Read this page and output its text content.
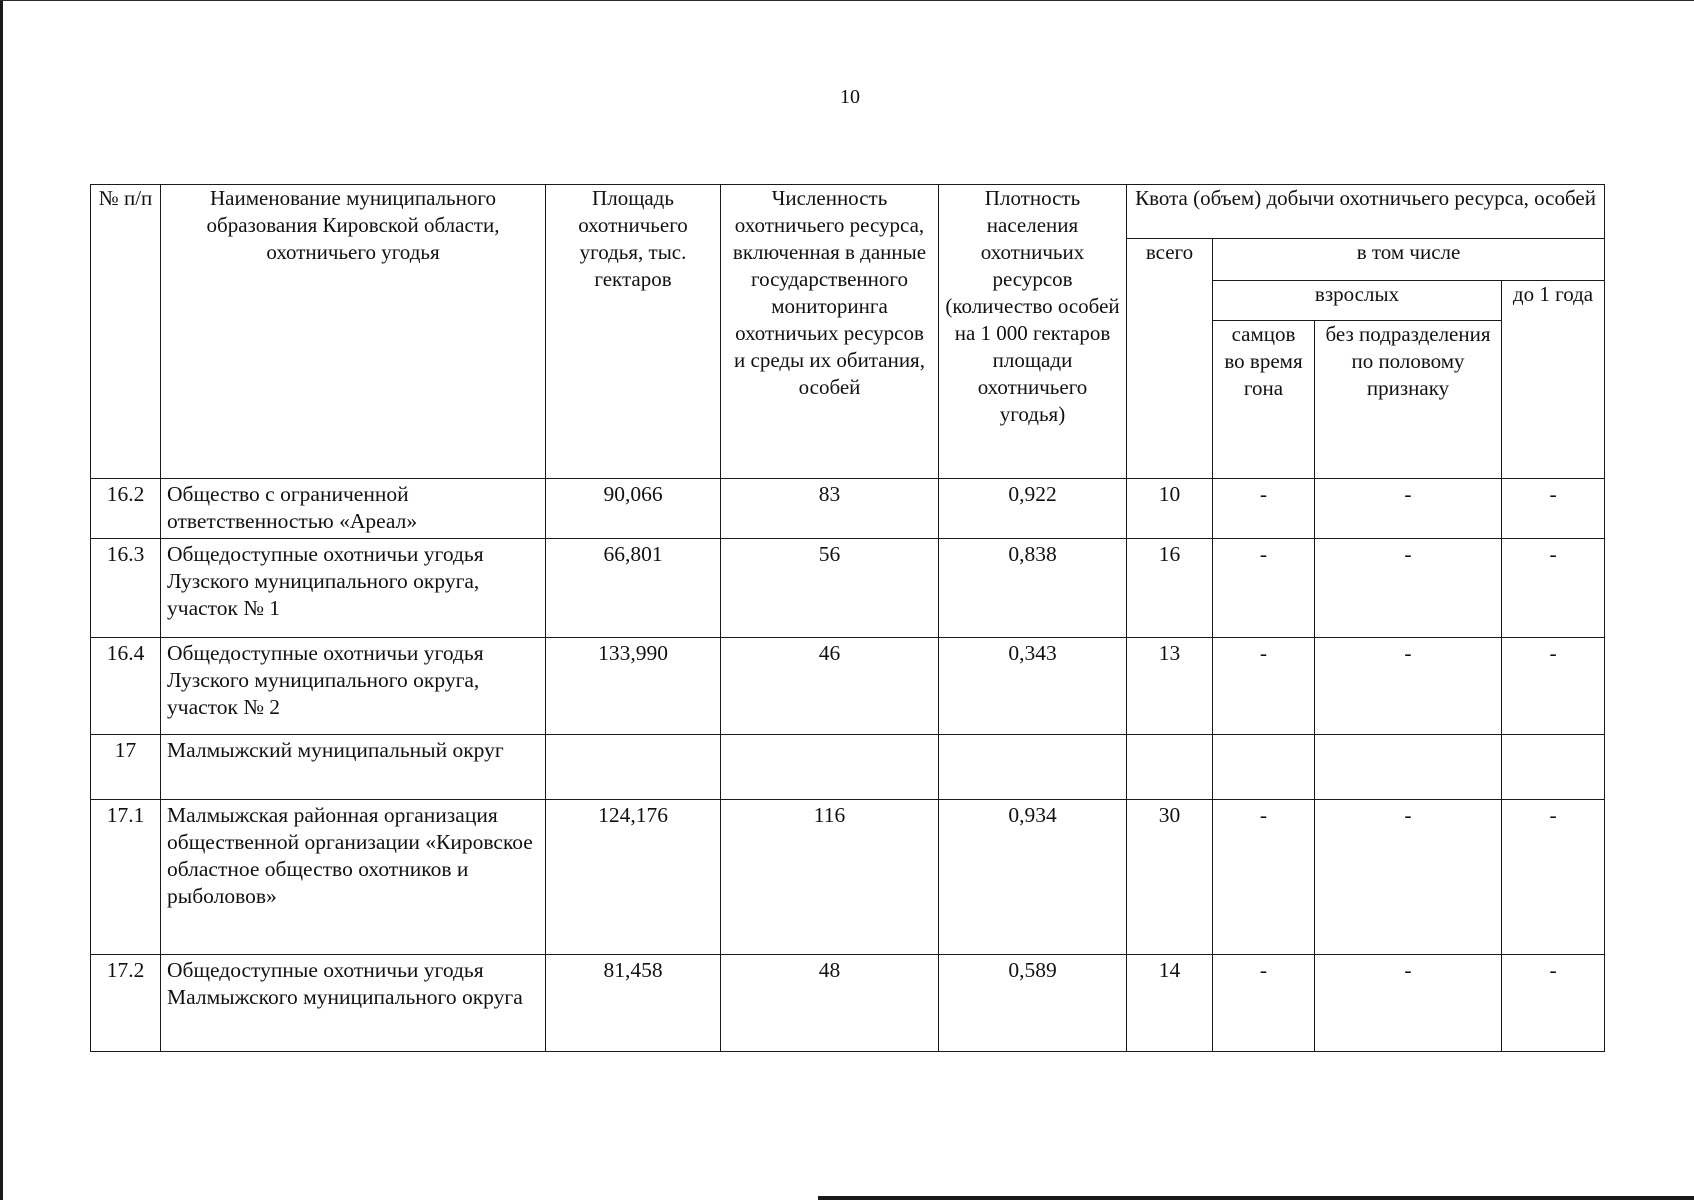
10
№ п/п	Наименование муниципального образования Кировской области, охотничьего угодья	Площадь охотничьего угодья, тыс. гектаров	Численность охотничьего ресурса, включенная в данные государственного мониторинга охотничьих ресурсов и среды их обитания, особей	Плотность населения охотничьих ресурсов (количество особей на 1 000 гектаров площади охотничьего угодья)	Квота (объем) добычи охотничьего ресурса, особей			
					всего	в том числе		
						взрослых		до 1 года
						самцов во время гона	без подразделения по половому признаку	
16.2	Общество с ограниченной ответственностью «Ареал»	90,066	83	0,922	10	-	-	-
16.3	Общедоступные охотничьи угодья Лузского муниципального округа, участок № 1	66,801	56	0,838	16	-	-	-
16.4	Общедоступные охотничьи угодья Лузского муниципального округа, участок № 2	133,990	46	0,343	13	-	-	-
17	Малмыжский муниципальный округ							
17.1	Малмыжская районная организация общественной организации «Кировское областное общество охотников и рыболовов»	124,176	116	0,934	30	-	-	-
17.2	Общедоступные охотничьи угодья Малмыжского муниципального округа	81,458	48	0,589	14	-	-	-
